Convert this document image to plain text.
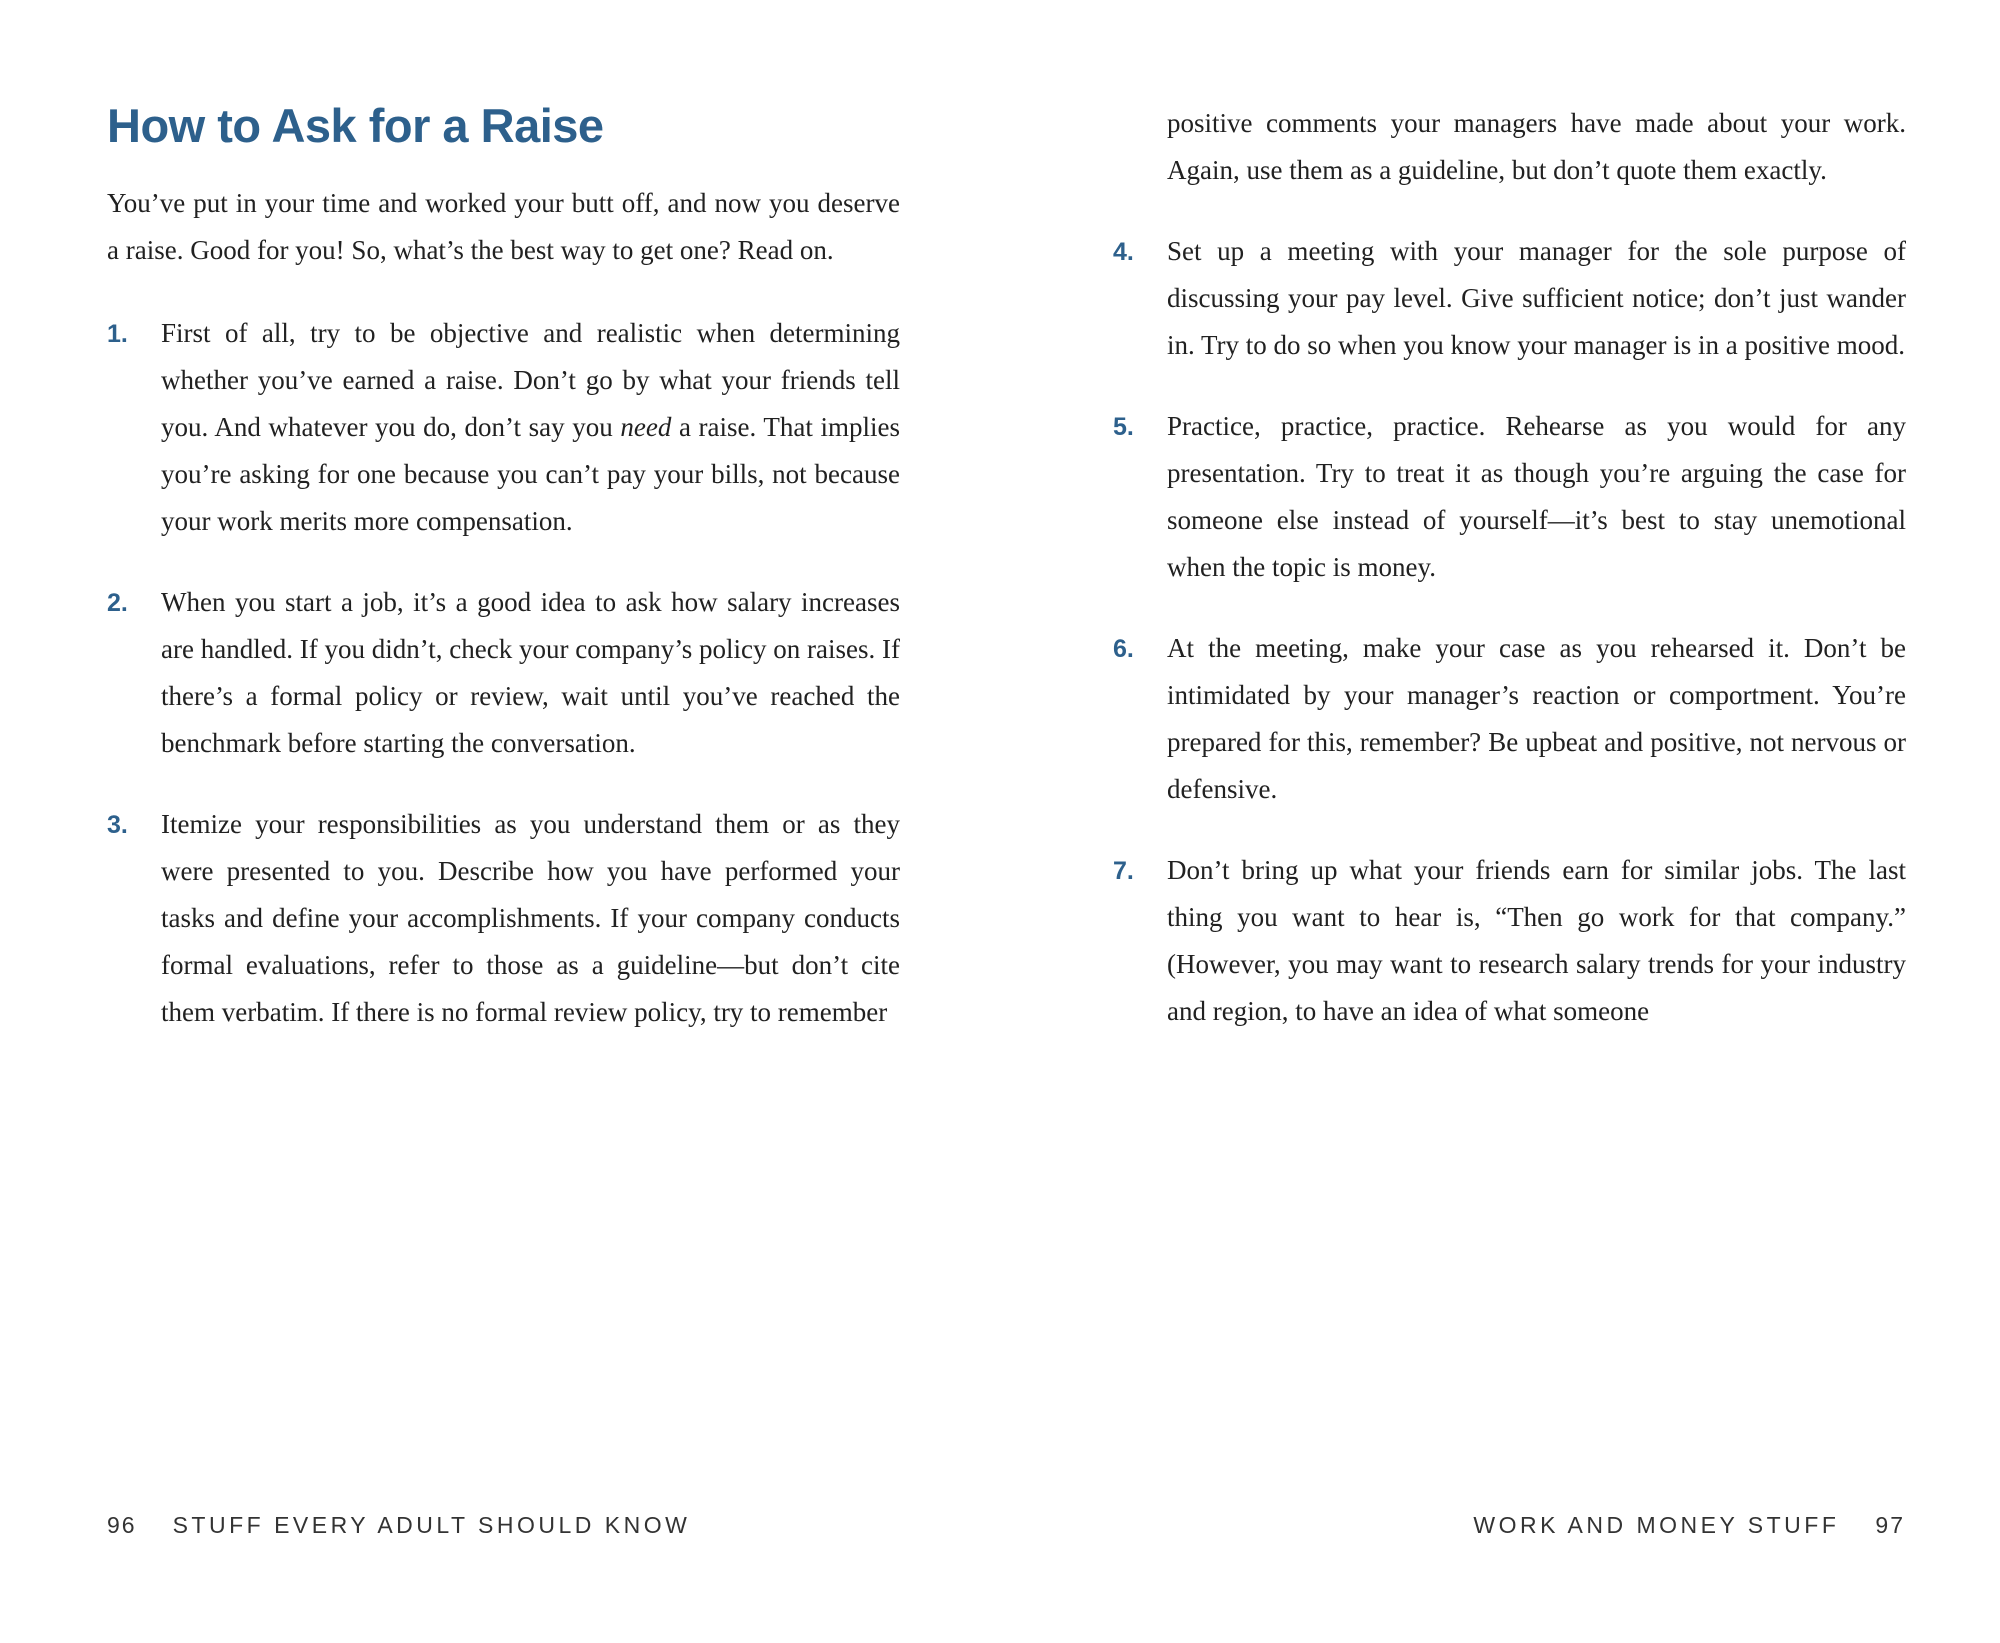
How to Ask for a Raise

You’ve put in your time and worked your butt off, and now you deserve a raise. Good for you! So, what’s the best way to get one? Read on.

1. First of all, try to be objective and realistic when determining whether you’ve earned a raise. Don’t go by what your friends tell you. And whatever you do, don’t say you need a raise. That implies you’re asking for one because you can’t pay your bills, not because your work merits more compensation.
2. When you start a job, it’s a good idea to ask how salary increases are handled. If you didn’t, check your company’s policy on raises. If there’s a formal policy or review, wait until you’ve reached the benchmark before starting the conversation.
3. Itemize your responsibilities as you understand them or as they were presented to you. Describe how you have performed your tasks and define your accomplishments. If your company conducts formal evaluations, refer to those as a guideline—but don’t cite them verbatim. If there is no formal review policy, try to remember

positive comments your managers have made about your work. Again, use them as a guideline, but don’t quote them exactly.

4. Set up a meeting with your manager for the sole purpose of discussing your pay level. Give sufficient notice; don’t just wander in. Try to do so when you know your manager is in a positive mood.
5. Practice, practice, practice. Rehearse as you would for any presentation. Try to treat it as though you’re arguing the case for someone else instead of yourself—it’s best to stay unemotional when the topic is money.
6. At the meeting, make your case as you rehearsed it. Don’t be intimidated by your manager’s reaction or comportment. You’re prepared for this, remember? Be upbeat and positive, not nervous or defensive.
7. Don’t bring up what your friends earn for similar jobs. The last thing you want to hear is, “Then go work for that company.” (However, you may want to research salary trends for your industry and region, to have an idea of what someone
96 STUFF EVERY ADULT SHOULD KNOW	WORK AND MONEY STUFF 97
